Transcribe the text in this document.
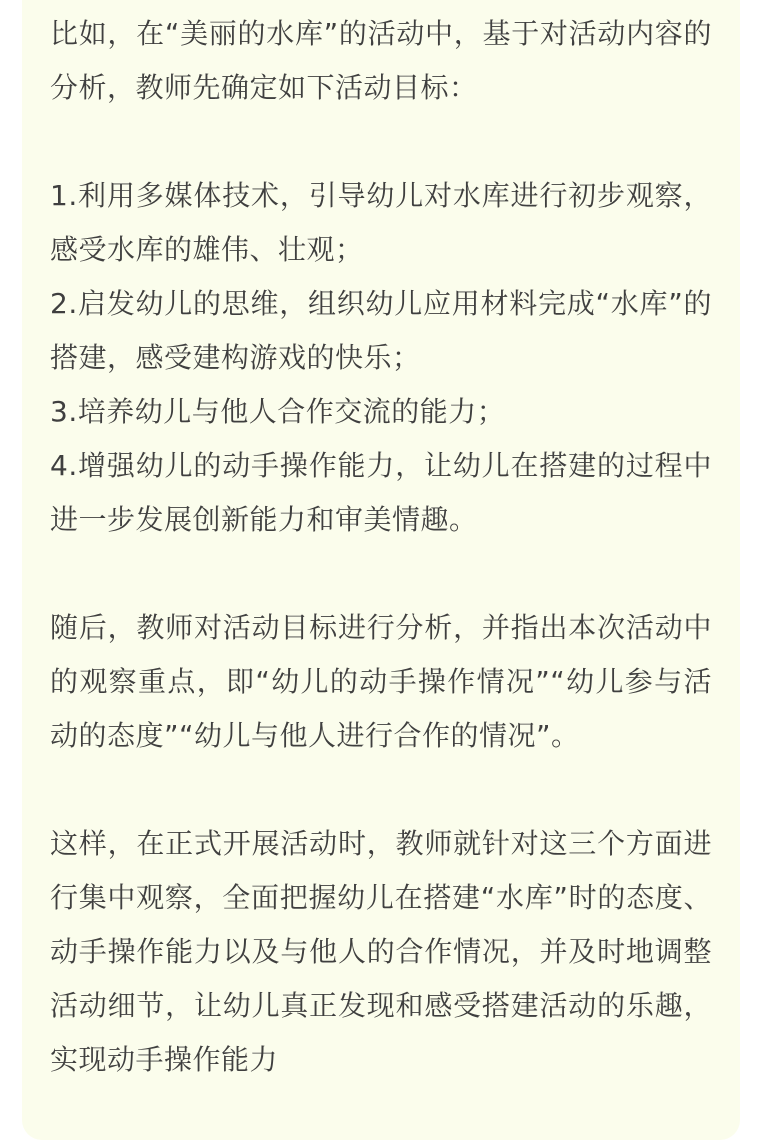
比如，在“美丽的水库”的活动中，基于对活动内容的分析，教师先确定如下活动目标：

1.利用多媒体技术，引导幼儿对水库进行初步观察，感受水库的雄伟、壮观；

2.启发幼儿的思维，组织幼儿应用材料完成“水库”的搭建，感受建构游戏的快乐；

3.培养幼儿与他人合作交流的能力；

4.增强幼儿的动手操作能力，让幼儿在搭建的过程中进一步发展创新能力和审美情趣。

随后，教师对活动目标进行分析，并指出本次活动中的观察重点，即“幼儿的动手操作情况”“幼儿参与活动的态度”“幼儿与他人进行合作的情况”。

这样，在正式开展活动时，教师就针对这三个方面进行集中观察，全面把握幼儿在搭建“水库”时的态度、动手操作能力以及与他人的合作情况，并及时地调整活动细节，让幼儿真正发现和感受搭建活动的乐趣，实现动手操作能力
